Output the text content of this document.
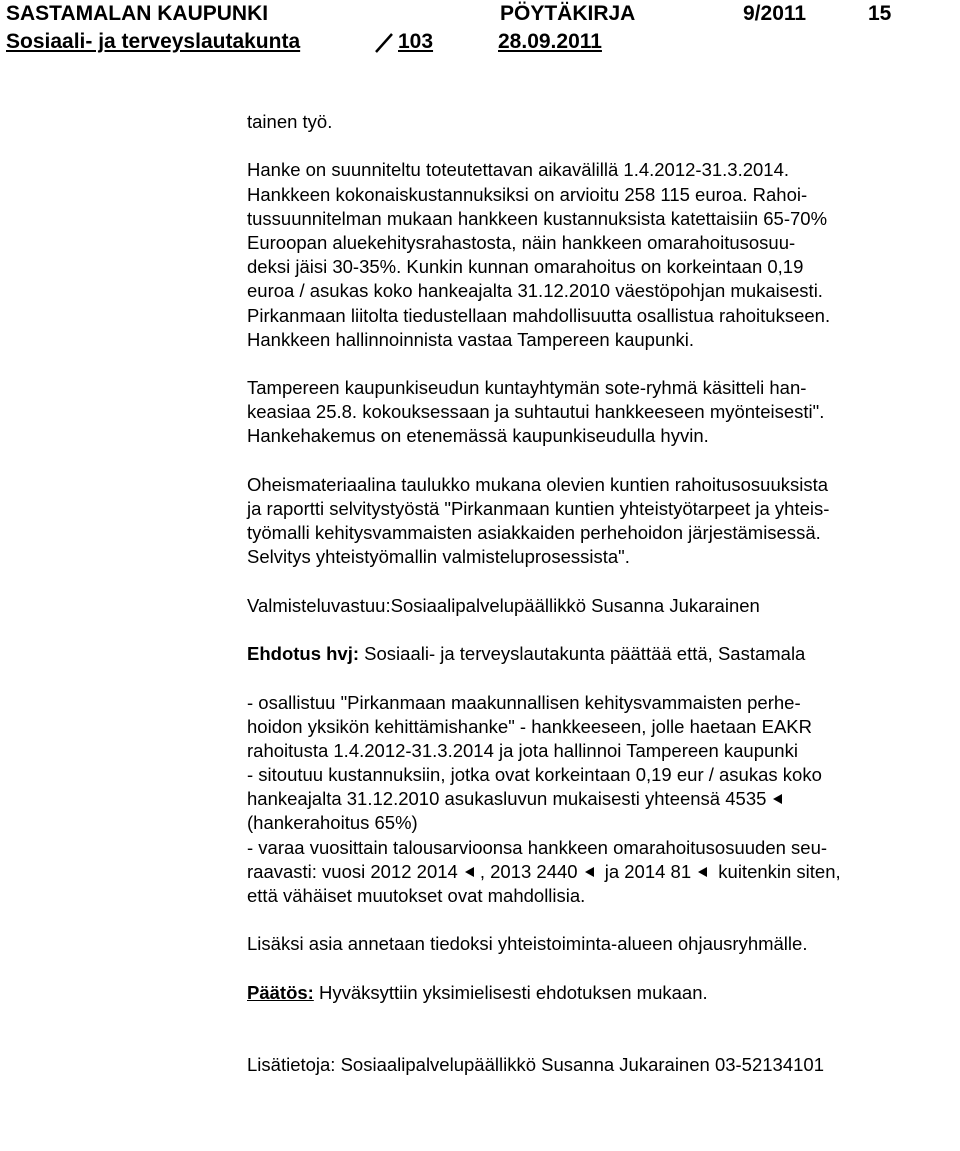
SASTAMALAN KAUPUNKI	PÖYTÄKIRJA	9/2011	15
Sosiaali- ja terveyslautakunta	103	28.09.2011
tainen työ.
Hanke on suunniteltu toteutettavan aikavälillä 1.4.2012-31.3.2014.
Hankkeen kokonaiskustannuksiksi on arvioitu 258 115 euroa. Rahoi-
tussuunnitelman mukaan hankkeen kustannuksista katettaisiin 65-70%
Euroopan aluekehitysrahastosta, näin hankkeen omarahoitusosuu-
deksi jäisi 30-35%. Kunkin kunnan omarahoitus on korkeintaan 0,19
euroa / asukas koko hankeajalta 31.12.2010 väestöpohjan mukaisesti.
Pirkanmaan liitolta tiedustellaan mahdollisuutta osallistua rahoitukseen.
Hankkeen hallinnoinnista vastaa Tampereen kaupunki.
Tampereen kaupunkiseudun kuntayhtymän sote-ryhmä käsitteli han-
keasiaa 25.8. kokouksessaan ja suhtautui hankkeeseen myönteisesti".
Hankehakemus on etenemässä kaupunkiseudulla hyvin.
Oheismateriaalina taulukko mukana olevien kuntien rahoitusosuuksista
ja raportti selvitystyöstä "Pirkanmaan kuntien yhteistyötarpeet ja yhteis-
työmalli kehitysvammaisten asiakkaiden perhehoidon järjestämisessä.
Selvitys yhteistyömallin valmisteluprosessista".
Valmisteluvastuu:Sosiaalipalvelupäällikkö Susanna Jukarainen
Ehdotus hvj: Sosiaali- ja terveyslautakunta päättää että, Sastamala
- osallistuu "Pirkanmaan maakunnallisen kehitysvammaisten perhe-
hoidon yksikön kehittämishanke" - hankkeeseen, jolle haetaan EAKR
rahoitusta 1.4.2012-31.3.2014 ja jota hallinnoi Tampereen kaupunki
- sitoutuu kustannuksiin, jotka ovat korkeintaan 0,19 eur / asukas koko
hankeajalta 31.12.2010 asukasluvun mukaisesti yhteensä 4535
(hankerahoitus 65%)
- varaa vuosittain talousarvioonsa hankkeen omarahoitusosuuden seu-
raavasti: vuosi 2012 2014 , 2013 2440
ja 2014 81
kuitenkin siten,
että vähäiset muutokset ovat mahdollisia.
Lisäksi asia annetaan tiedoksi yhteistoiminta-alueen ohjausryhmälle.
Päätös: Hyväksyttiin yksimielisesti ehdotuksen mukaan.
Lisätietoja: Sosiaalipalvelupäällikkö Susanna Jukarainen 03-52134101
